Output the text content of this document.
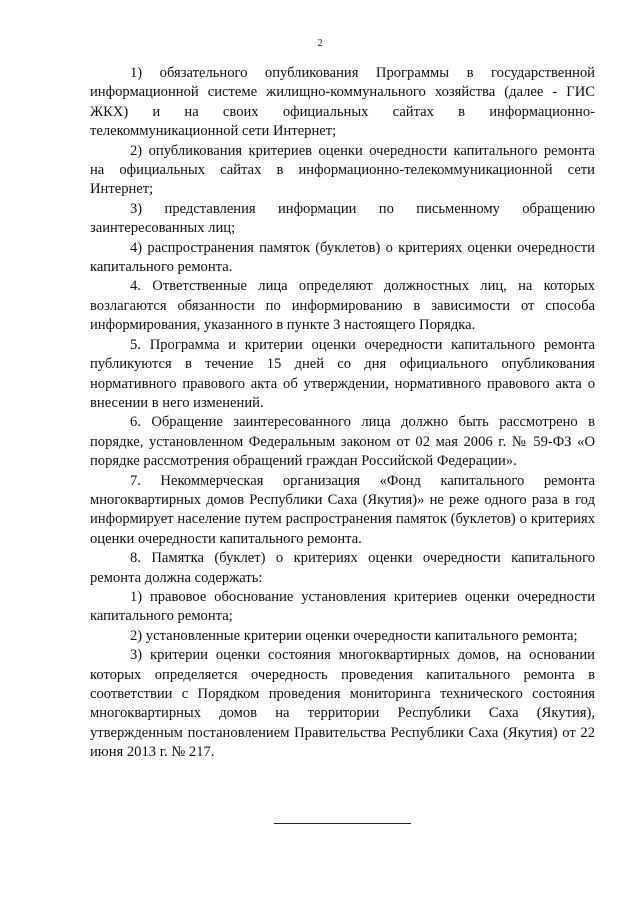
2

1) обязательного опубликования Программы в государственной информационной системе жилищно-коммунального хозяйства (далее - ГИС ЖКХ) и на своих официальных сайтах в информационно-телекоммуникационной сети Интернет;

2) опубликования критериев оценки очередности капитального ремонта на официальных сайтах в информационно-телекоммуникационной сети Интернет;

3) представления информации по письменному обращению заинтересованных лиц;

4) распространения памяток (буклетов) о критериях оценки очередности капитального ремонта.

4. Ответственные лица определяют должностных лиц, на которых возлагаются обязанности по информированию в зависимости от способа информирования, указанного в пункте 3 настоящего Порядка.

5. Программа и критерии оценки очередности капитального ремонта публикуются в течение 15 дней со дня официального опубликования нормативного правового акта об утверждении, нормативного правового акта о внесении в него изменений.

6. Обращение заинтересованного лица должно быть рассмотрено в порядке, установленном Федеральным законом от 02 мая 2006 г. № 59-ФЗ «О порядке рассмотрения обращений граждан Российской Федерации».

7. Некоммерческая организация «Фонд капитального ремонта многоквартирных домов Республики Саха (Якутия)» не реже одного раза в год информирует население путем распространения памяток (буклетов) о критериях оценки очередности капитального ремонта.

8. Памятка (буклет) о критериях оценки очередности капитального ремонта должна содержать:

1) правовое обоснование установления критериев оценки очередности капитального ремонта;

2) установленные критерии оценки очередности капитального ремонта;

3) критерии оценки состояния многоквартирных домов, на основании которых определяется очередность проведения капитального ремонта в соответствии с Порядком проведения мониторинга технического состояния многоквартирных домов на территории Республики Саха (Якутия), утвержденным постановлением Правительства Республики Саха (Якутия) от 22 июня 2013 г. № 217.
